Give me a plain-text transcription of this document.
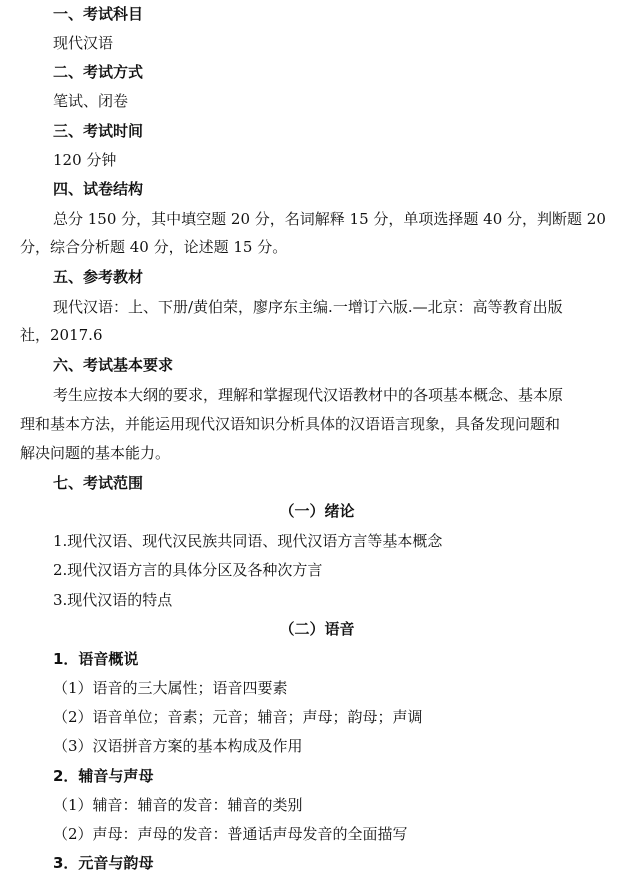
一、考试科目
现代汉语
二、考试方式
笔试、闭卷
三、考试时间
120 分钟
四、试卷结构
总分 150 分，其中填空题 20 分，名词解释 15 分，单项选择题 40 分，判断题 20
分，综合分析题 40 分，论述题 15 分。
五、参考教材
现代汉语：上、下册/黄伯荣，廖序东主编.一增订六版.—北京：高等教育出版
社，2017.6
六、考试基本要求
考生应按本大纲的要求，理解和掌握现代汉语教材中的各项基本概念、基本原
理和基本方法，并能运用现代汉语知识分析具体的汉语语言现象，具备发现问题和
解决问题的基本能力。
七、考试范围
（一）绪论
1.现代汉语、现代汉民族共同语、现代汉语方言等基本概念
2.现代汉语方言的具体分区及各种次方言
3.现代汉语的特点
（二）语音
1．语音概说
（1）语音的三大属性；语音四要素
（2）语音单位；音素；元音；辅音；声母；韵母；声调
（3）汉语拼音方案的基本构成及作用
2．辅音与声母
（1）辅音：辅音的发音：辅音的类别
（2）声母：声母的发音：普通话声母发音的全面描写
3．元音与韵母
